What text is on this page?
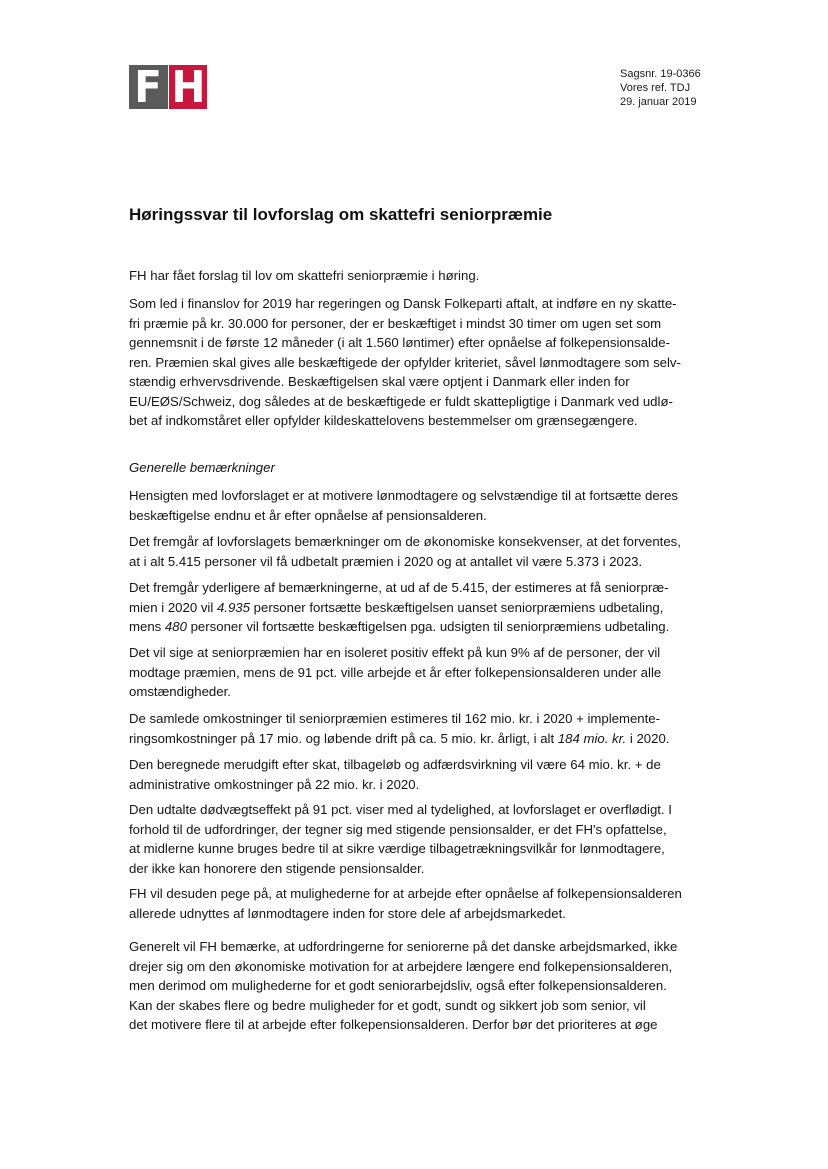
F H	Sagsnr. 19-0366
Vores ref. TDJ
29. januar 2019
Høringssvar til lovforslag om skattefri seniorpræmie

FH har fået forslag til lov om skattefri seniorpræmie i høring.

Som led i finanslov for 2019 har regeringen og Dansk Folkeparti aftalt, at indføre en ny skatte-
fri præmie på kr. 30.000 for personer, der er beskæftiget i mindst 30 timer om ugen set som
gennemsnit i de første 12 måneder (i alt 1.560 løntimer) efter opnåelse af folkepensionsalde-
ren. Præmien skal gives alle beskæftigede der opfylder kriteriet, såvel lønmodtagere som selv-
stændig erhvervsdrivende. Beskæftigelsen skal være optjent i Danmark eller inden for
EU/EØS/Schweiz, dog således at de beskæftigede er fuldt skattepligtige i Danmark ved udlø-
bet af indkomståret eller opfylder kildeskattelovens bestemmelser om grænsegængere.

Generelle bemærkninger

Hensigten med lovforslaget er at motivere lønmodtagere og selvstændige til at fortsætte deres
beskæftigelse endnu et år efter opnåelse af pensionsalderen.

Det fremgår af lovforslagets bemærkninger om de økonomiske konsekvenser, at det forventes,
at i alt 5.415 personer vil få udbetalt præmien i 2020 og at antallet vil være 5.373 i 2023.

Det fremgår yderligere af bemærkningerne, at ud af de 5.415, der estimeres at få seniorpræ-
mien i 2020 vil 4.935 personer fortsætte beskæftigelsen uanset seniorpræmiens udbetaling,
mens 480 personer vil fortsætte beskæftigelsen pga. udsigten til seniorpræmiens udbetaling.

Det vil sige at seniorpræmien har en isoleret positiv effekt på kun 9% af de personer, der vil
modtage præmien, mens de 91 pct. ville arbejde et år efter folkepensionsalderen under alle
omstændigheder.

De samlede omkostninger til seniorpræmien estimeres til 162 mio. kr. i 2020 + implemente-
ringsomkostninger på 17 mio. og løbende drift på ca. 5 mio. kr. årligt, i alt 184 mio. kr. i 2020.

Den beregnede merudgift efter skat, tilbageløb og adfærdsvirkning vil være 64 mio. kr. + de
administrative omkostninger på 22 mio. kr. i 2020.

Den udtalte dødvægtseffekt på 91 pct. viser med al tydelighed, at lovforslaget er overflødigt. I
forhold til de udfordringer, der tegner sig med stigende pensionsalder, er det FH's opfattelse,
at midlerne kunne bruges bedre til at sikre værdige tilbagetrækningsvilkår for lønmodtagere,
der ikke kan honorere den stigende pensionsalder.

FH vil desuden pege på, at mulighederne for at arbejde efter opnåelse af folkepensionsalderen
allerede udnyttes af lønmodtagere inden for store dele af arbejdsmarkedet.

Generelt vil FH bemærke, at udfordringerne for seniorerne på det danske arbejdsmarked, ikke
drejer sig om den økonomiske motivation for at arbejdere længere end folkepensionsalderen,
men derimod om mulighederne for et godt seniorarbejdsliv, også efter folkepensionsalderen.
Kan der skabes flere og bedre muligheder for et godt, sundt og sikkert job som senior, vil
det motivere flere til at arbejde efter folkepensionsalderen. Derfor bør det prioriteres at øge
